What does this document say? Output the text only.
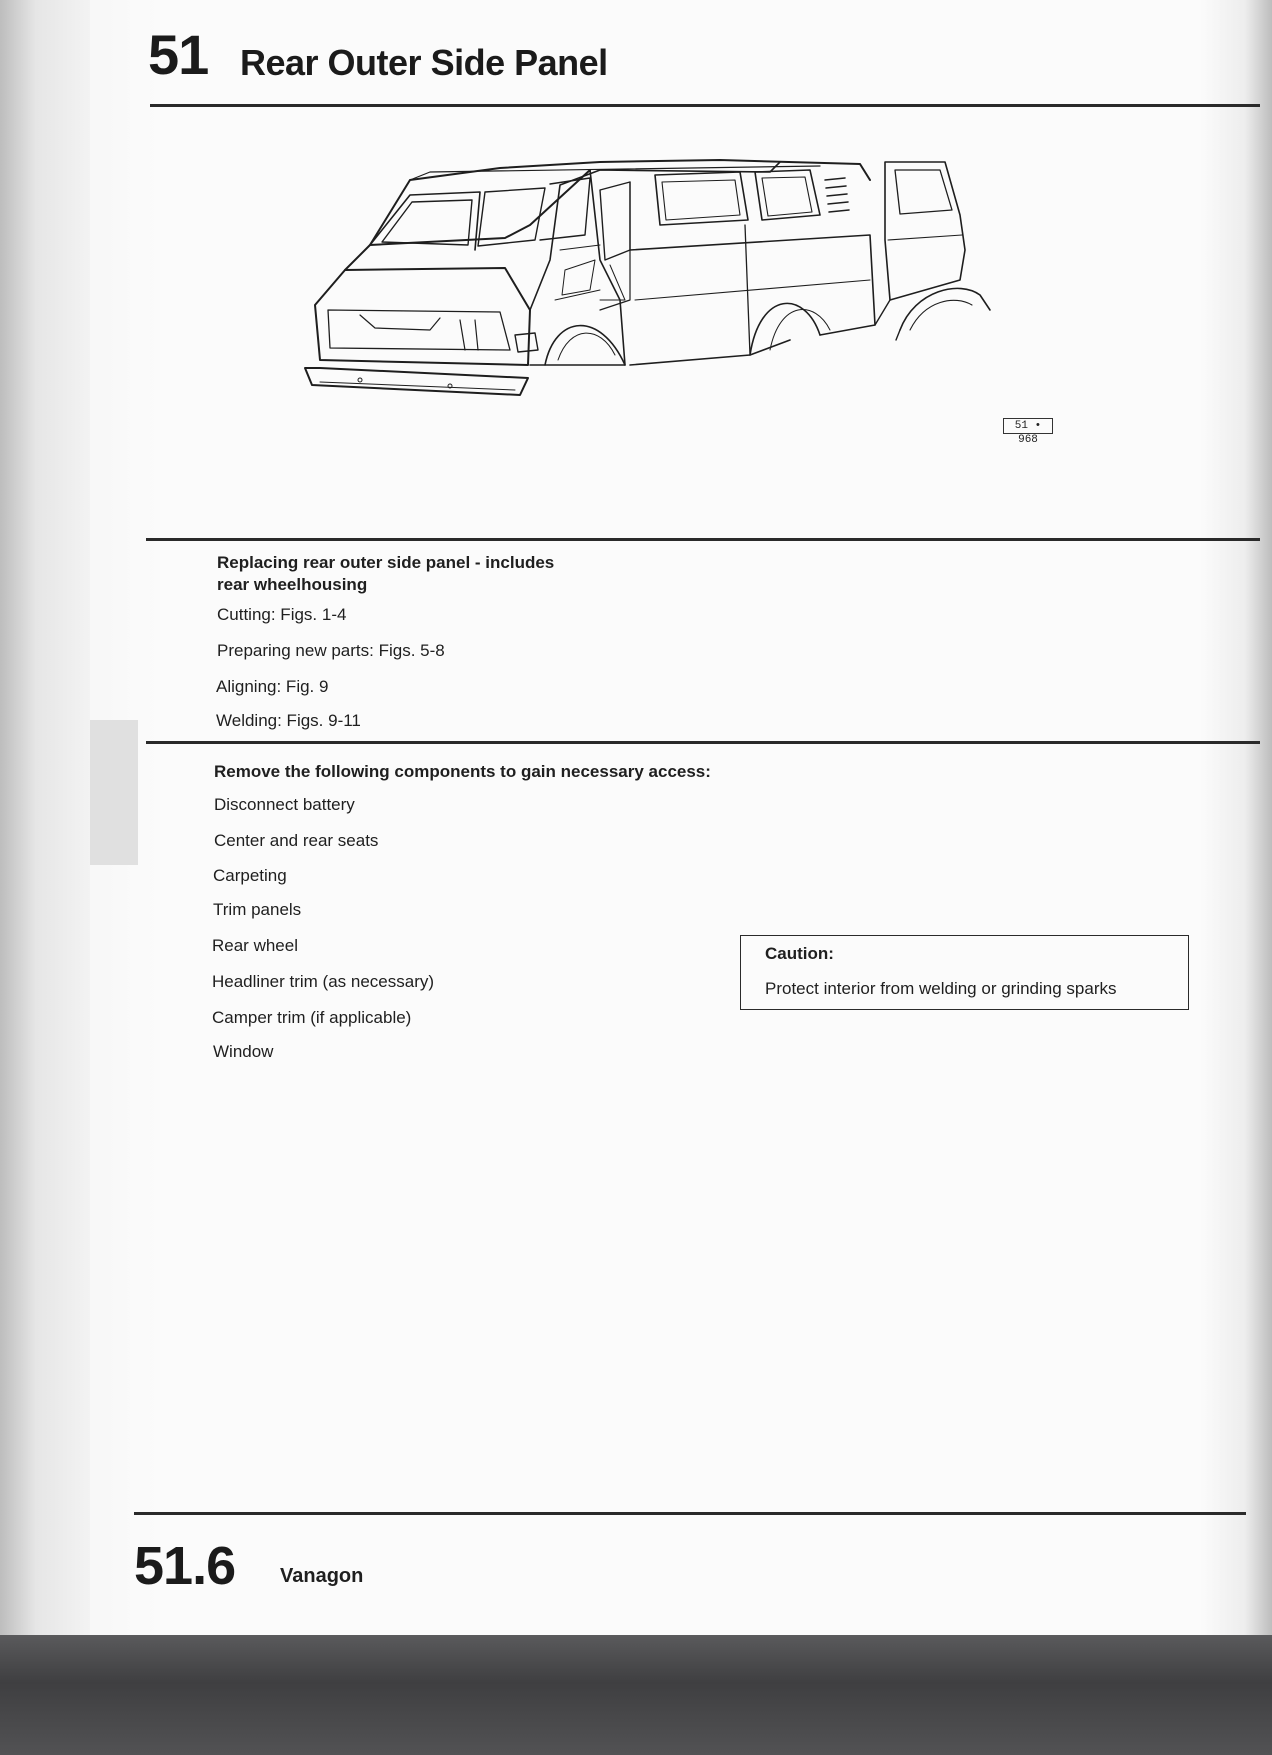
51 Rear Outer Side Panel
51 • 968
Replacing rear outer side panel - includes rear wheelhousing
Cutting: Figs. 1-4
Preparing new parts: Figs. 5-8
Aligning: Fig. 9
Welding: Figs. 9-11
Remove the following components to gain necessary access:
Disconnect battery
Center and rear seats
Carpeting
Trim panels
Rear wheel
Headliner trim (as necessary)
Camper trim (if applicable)
Window
Caution:
Protect interior from welding or grinding sparks
51.6 Vanagon
